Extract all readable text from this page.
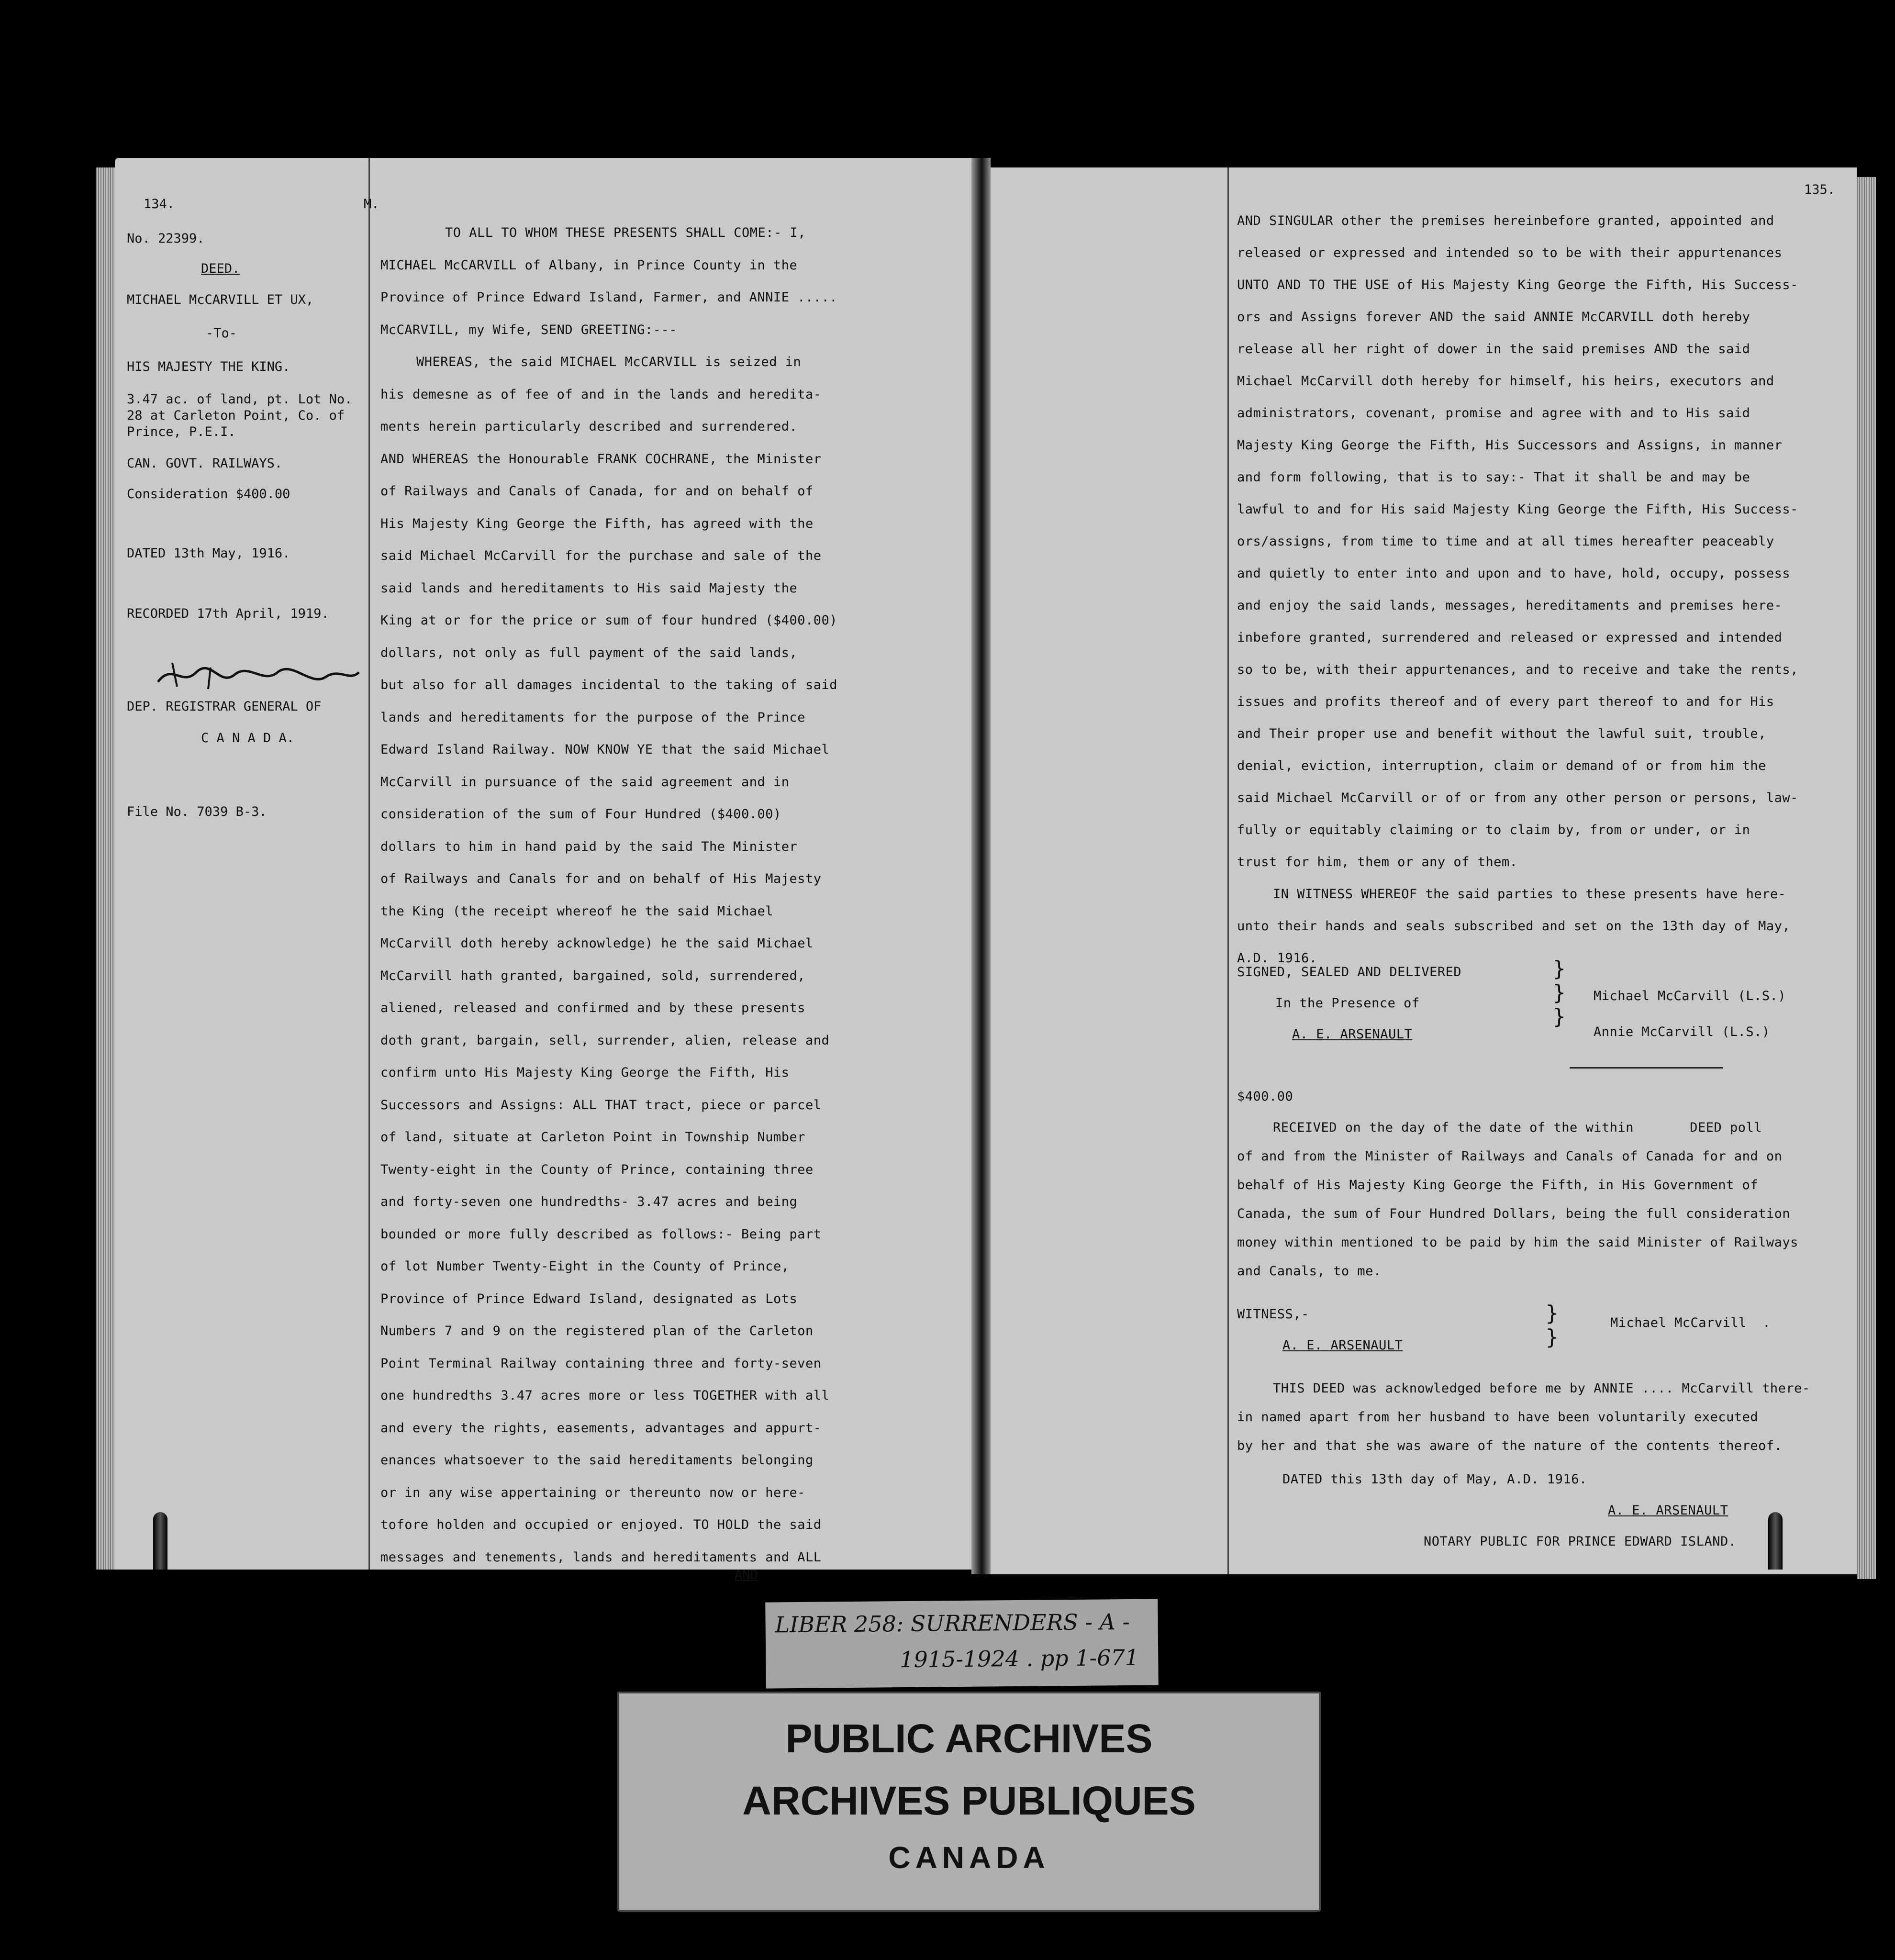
134.	M.
No. 22399.
DEED.
MICHAEL McCARVILL ET UX,
-To-
HIS MAJESTY THE KING.
3.47 ac. of land, pt. Lot No.
28 at Carleton Point, Co. of
Prince, P.E.I.
CAN. GOVT. RAILWAYS.
Consideration $400.00
DATED 13th May, 1916.
RECORDED 17th April, 1919.
DEP. REGISTRAR GENERAL OF
C A N A D A.
File No. 7039 B-3.
TO ALL TO WHOM THESE PRESENTS SHALL COME:- I,
MICHAEL McCARVILL of Albany, in Prince County in the
Province of Prince Edward Island, Farmer, and ANNIE .....
McCARVILL, my Wife, SEND GREETING:---
WHEREAS, the said MICHAEL McCARVILL is seized in
his demesne as of fee of and in the lands and heredita-
ments herein particularly described and surrendered.
AND WHEREAS the Honourable FRANK COCHRANE, the Minister
of Railways and Canals of Canada, for and on behalf of
His Majesty King George the Fifth, has agreed with the
said Michael McCarvill for the purchase and sale of the
said lands and hereditaments to His said Majesty the
King at or for the price or sum of four hundred ($400.00)
dollars, not only as full payment of the said lands,
but also for all damages incidental to the taking of said
lands and hereditaments for the purpose of the Prince
Edward Island Railway. NOW KNOW YE that the said Michael
McCarvill in pursuance of the said agreement and in
consideration of the sum of Four Hundred ($400.00)
dollars to him in hand paid by the said The Minister
of Railways and Canals for and on behalf of His Majesty
the King (the receipt whereof he the said Michael
McCarvill doth hereby acknowledge) he the said Michael
McCarvill hath granted, bargained, sold, surrendered,
aliened, released and confirmed and by these presents
doth grant, bargain, sell, surrender, alien, release and
confirm unto His Majesty King George the Fifth, His
Successors and Assigns: ALL THAT tract, piece or parcel
of land, situate at Carleton Point in Township Number
Twenty-eight in the County of Prince, containing three
and forty-seven one hundredths- 3.47 acres and being
bounded or more fully described as follows:- Being part
of lot Number Twenty-Eight in the County of Prince,
Province of Prince Edward Island, designated as Lots
Numbers 7 and 9 on the registered plan of the Carleton
Point Terminal Railway containing three and forty-seven
one hundredths 3.47 acres more or less TOGETHER with all
and every the rights, easements, advantages and appurt-
enances whatsoever to the said hereditaments belonging
or in any wise appertaining or thereunto now or here-
tofore holden and occupied or enjoyed. TO HOLD the said
messages and tenements, lands and hereditaments and ALL
AND
135.
AND SINGULAR other the premises hereinbefore granted, appointed and
released or expressed and intended so to be with their appurtenances
UNTO AND TO THE USE of His Majesty King George the Fifth, His Success-
ors and Assigns forever AND the said ANNIE McCARVILL doth hereby
release all her right of dower in the said premises AND the said
Michael McCarvill doth hereby for himself, his heirs, executors and
administrators, covenant, promise and agree with and to His said
Majesty King George the Fifth, His Successors and Assigns, in manner
and form following, that is to say:- That it shall be and may be
lawful to and for His said Majesty King George the Fifth, His Success-
ors/assigns, from time to time and at all times hereafter peaceably
and quietly to enter into and upon and to have, hold, occupy, possess
and enjoy the said lands, messages, hereditaments and premises here-
inbefore granted, surrendered and released or expressed and intended
so to be, with their appurtenances, and to receive and take the rents,
issues and profits thereof and of every part thereof to and for His
and Their proper use and benefit without the lawful suit, trouble,
denial, eviction, interruption, claim or demand of or from him the
said Michael McCarvill or of or from any other person or persons, law-
fully or equitably claiming or to claim by, from or under, or in
trust for him, them or any of them.
IN WITNESS WHEREOF the said parties to these presents have here-
unto their hands and seals subscribed and set on the 13th day of May,
A.D. 1916.
SIGNED, SEALED AND DELIVERED
In the Presence of
A. E. ARSENAULT
}
}
}
Michael McCarvill (L.S.)
Annie McCarvill (L.S.)
$400.00
RECEIVED on the day of the date of the within       DEED poll
of and from the Minister of Railways and Canals of Canada for and on
behalf of His Majesty King George the Fifth, in His Government of
Canada, the sum of Four Hundred Dollars, being the full consideration
money within mentioned to be paid by him the said Minister of Railways
and Canals, to me.
WITNESS,-
A. E. ARSENAULT
}
}
Michael McCarvill  .
THIS DEED was acknowledged before me by ANNIE .... McCarvill there-
in named apart from her husband to have been voluntarily executed
by her and that she was aware of the nature of the contents thereof.
DATED this 13th day of May, A.D. 1916.
A. E. ARSENAULT
NOTARY PUBLIC FOR PRINCE EDWARD ISLAND.
LIBER 258: SURRENDERS - A -
1915-1924 . pp 1-671
PUBLIC ARCHIVES
ARCHIVES PUBLIQUES
CANADA
